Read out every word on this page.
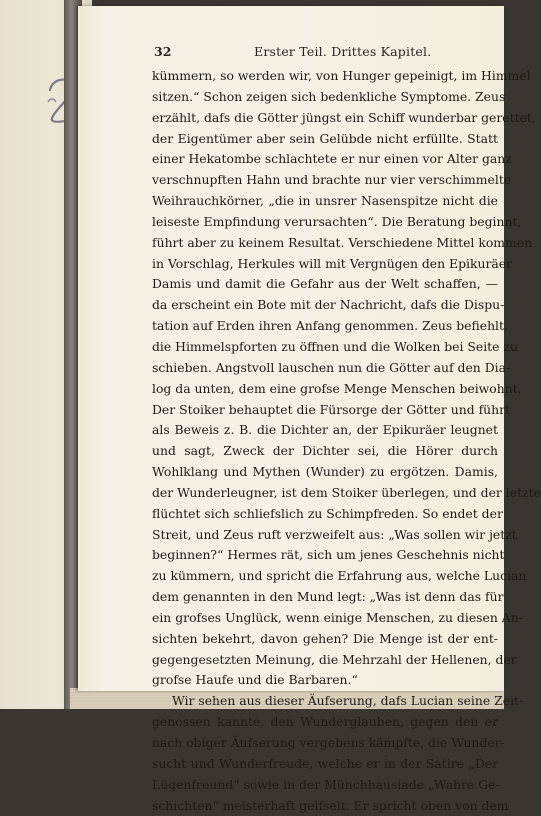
32	Erster Teil. Drittes Kapitel.
kümmern, so werden wir, von Hunger gepeinigt, im Himmel
sitzen.“ Schon zeigen sich bedenkliche Symptome. Zeus
erzählt, dafs die Götter jüngst ein Schiff wunderbar gerettet,
der Eigentümer aber sein Gelübde nicht erfüllte. Statt
einer Hekatombe schlachtete er nur einen vor Alter ganz
verschnupften Hahn und brachte nur vier verschimmelte
Weihrauchkörner, „die in unsrer Nasenspitze nicht die
leiseste Empfindung verursachten“. Die Beratung beginnt,
führt aber zu keinem Resultat. Verschiedene Mittel kommen
in Vorschlag, Herkules will mit Vergnügen den Epikuräer
Damis und damit die Gefahr aus der Welt schaffen, —
da erscheint ein Bote mit der Nachricht, dafs die Dispu-
tation auf Erden ihren Anfang genommen. Zeus befiehlt,
die Himmelspforten zu öffnen und die Wolken bei Seite zu
schieben. Angstvoll lauschen nun die Götter auf den Dia-
log da unten, dem eine grofse Menge Menschen beiwohnt.
Der Stoiker behauptet die Fürsorge der Götter und führt
als Beweis z. B. die Dichter an, der Epikuräer leugnet
und sagt, Zweck der Dichter sei, die Hörer durch
Wohlklang und Mythen (Wunder) zu ergötzen. Damis,
der Wunderleugner, ist dem Stoiker überlegen, und der letzte
flüchtet sich schliefslich zu Schimpfreden. So endet der
Streit, und Zeus ruft verzweifelt aus: „Was sollen wir jetzt
beginnen?“ Hermes rät, sich um jenes Geschehnis nicht
zu kümmern, und spricht die Erfahrung aus, welche Lucian
dem genannten in den Mund legt: „Was ist denn das für
ein grofses Unglück, wenn einige Menschen, zu diesen An-
sichten bekehrt, davon gehen? Die Menge ist der ent-
gegengesetzten Meinung, die Mehrzahl der Hellenen, der
grofse Haufe und die Barbaren.“
Wir sehen aus dieser Äufserung, dafs Lucian seine Zeit-
genossen kannte, den Wunderglauben, gegen den er
nach obiger Äufserung vergebens kämpfte, die Wunder-
sucht und Wunderfreude, welche er in der Satire „Der
Lügenfreund“ sowie in der Münchhausiade „Wahre Ge-
schichten“ meisterhaft geifselt. Er spricht oben von dem
